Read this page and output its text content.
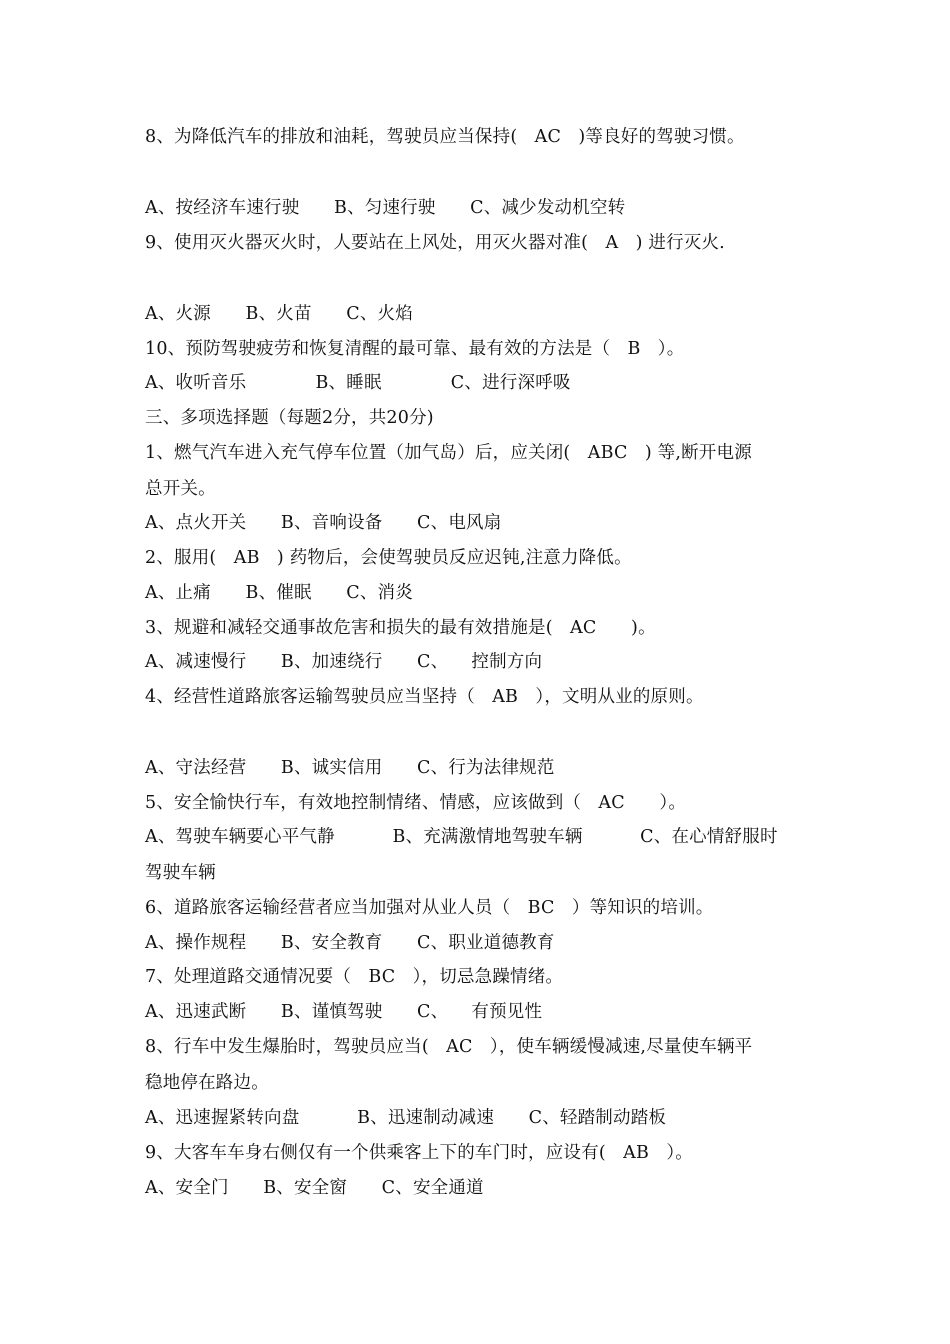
8、为降低汽车的排放和油耗，驾驶员应当保持(   AC   )等良好的驾驶习惯。
A、按经济车速行驶      B、匀速行驶      C、减少发动机空转
9、使用灭火器灭火时，人要站在上风处，用灭火器对准(   A   ) 进行灭火.
A、火源      B、火苗      C、火焰
10、预防驾驶疲劳和恢复清醒的最可靠、最有效的方法是（   B   ）。
A、收听音乐            B、睡眠            C、进行深呼吸
三、多项选择题（每题2分，共20分)
1、燃气汽车进入充气停车位置（加气岛）后，应关闭(   ABC   ) 等,断开电源
总开关。
A、点火开关      B、音响设备      C、电风扇
2、服用(   AB   ) 药物后，会使驾驶员反应迟钝,注意力降低。
A、止痛      B、催眠      C、消炎
3、规避和减轻交通事故危害和损失的最有效措施是(   AC      )。
A、减速慢行      B、加速绕行      C、    控制方向
4、经营性道路旅客运输驾驶员应当坚持（   AB   ），文明从业的原则。
A、守法经营      B、诚实信用      C、行为法律规范
5、安全愉快行车，有效地控制情绪、情感，应该做到（   AC      ）。
A、驾驶车辆要心平气静          B、充满激情地驾驶车辆          C、在心情舒服时
驾驶车辆
6、道路旅客运输经营者应当加强对从业人员（   BC   ）等知识的培训。
A、操作规程      B、安全教育      C、职业道德教育
7、处理道路交通情况要（   BC   ），切忌急躁情绪。
A、迅速武断      B、谨慎驾驶      C、    有预见性
8、行车中发生爆胎时，驾驶员应当(   AC   ），使车辆缓慢减速,尽量使车辆平
稳地停在路边。
A、迅速握紧转向盘          B、迅速制动减速      C、轻踏制动踏板
9、大客车车身右侧仅有一个供乘客上下的车门时，应设有(   AB   ）。
A、安全门      B、安全窗      C、安全通道
